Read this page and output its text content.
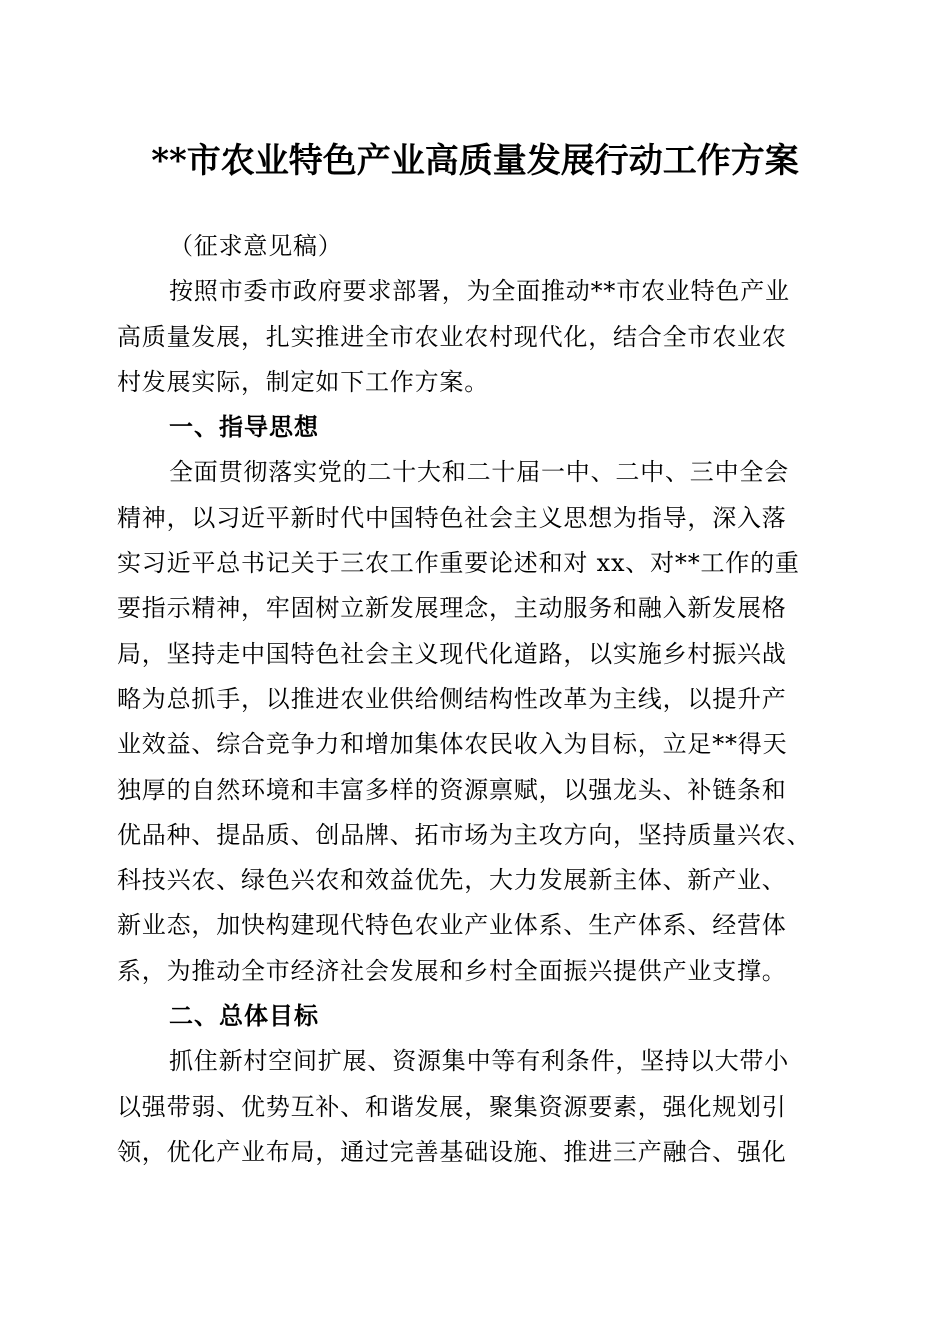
**市农业特色产业高质量发展行动工作方案

（征求意见稿）

按照市委市政府要求部署，为全面推动**市农业特色产业

高质量发展，扎实推进全市农业农村现代化，结合全市农业农
村发展实际，制定如下工作方案。

一、指导思想

全面贯彻落实党的二十大和二十届一中、二中、三中全会

精神，以习近平新时代中国特色社会主义思想为指导，深入落
实习近平总书记关于三农工作重要论述和对 xx、对**工作的重
要指示精神，牢固树立新发展理念，主动服务和融入新发展格
局，坚持走中国特色社会主义现代化道路，以实施乡村振兴战
略为总抓手，以推进农业供给侧结构性改革为主线，以提升产
业效益、综合竞争力和增加集体农民收入为目标，立足**得天
独厚的自然环境和丰富多样的资源禀赋，以强龙头、补链条和
优品种、提品质、创品牌、拓市场为主攻方向，坚持质量兴农、
科技兴农、绿色兴农和效益优先，大力发展新主体、新产业、
新业态，加快构建现代特色农业产业体系、生产体系、经营体
系，为推动全市经济社会发展和乡村全面振兴提供产业支撑。

二、总体目标

抓住新村空间扩展、资源集中等有利条件，坚持以大带小

以强带弱、优势互补、和谐发展，聚集资源要素，强化规划引
领，优化产业布局，通过完善基础设施、推进三产融合、强化
